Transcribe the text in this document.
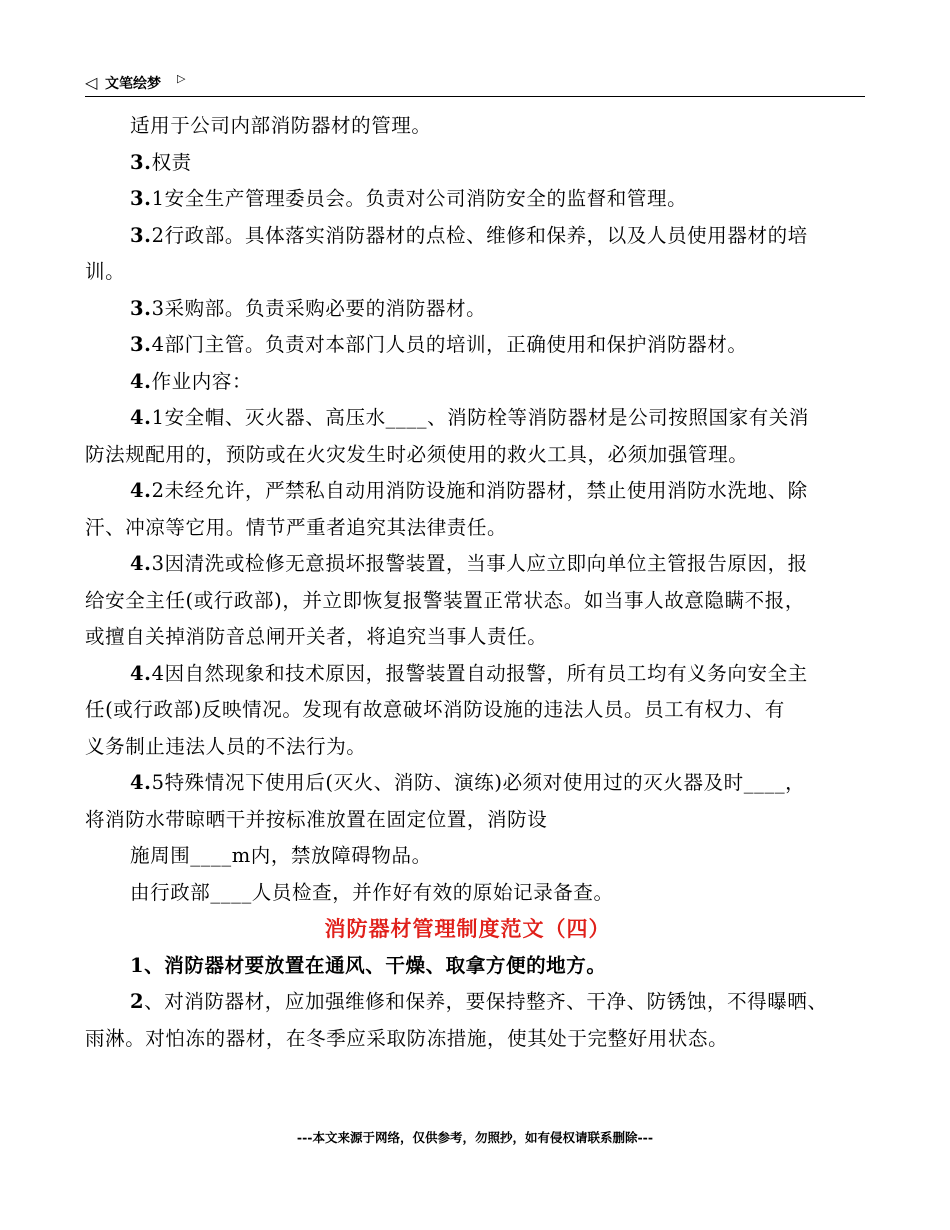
◁ 文笔绘梦 ▷

适用于公司内部消防器材的管理。

3.权责

3.1安全生产管理委员会。负责对公司消防安全的监督和管理。

3.2行政部。具体落实消防器材的点检、维修和保养，以及人员使用器材的培

训。

3.3采购部。负责采购必要的消防器材。

3.4部门主管。负责对本部门人员的培训，正确使用和保护消防器材。

4.作业内容：

4.1安全帽、灭火器、高压水____、消防栓等消防器材是公司按照国家有关消

防法规配用的，预防或在火灾发生时必须使用的救火工具，必须加强管理。

4.2未经允许，严禁私自动用消防设施和消防器材，禁止使用消防水洗地、除

汗、冲凉等它用。情节严重者追究其法律责任。

4.3因清洗或检修无意损坏报警装置，当事人应立即向单位主管报告原因，报

给安全主任(或行政部)，并立即恢复报警装置正常状态。如当事人故意隐瞒不报，

或擅自关掉消防音总闸开关者，将追究当事人责任。

4.4因自然现象和技术原因，报警装置自动报警，所有员工均有义务向安全主

任(或行政部)反映情况。发现有故意破坏消防设施的违法人员。员工有权力、有

义务制止违法人员的不法行为。

4.5特殊情况下使用后(灭火、消防、演练)必须对使用过的灭火器及时____，

将消防水带晾晒干并按标准放置在固定位置，消防设

施周围____m内，禁放障碍物品。

由行政部____人员检查，并作好有效的原始记录备查。

消防器材管理制度范文（四）

1、消防器材要放置在通风、干燥、取拿方便的地方。

2、对消防器材，应加强维修和保养，要保持整齐、干净、防锈蚀，不得曝晒、

雨淋。对怕冻的器材，在冬季应采取防冻措施，使其处于完整好用状态。

---本文来源于网络，仅供参考，勿照抄，如有侵权请联系删除---
